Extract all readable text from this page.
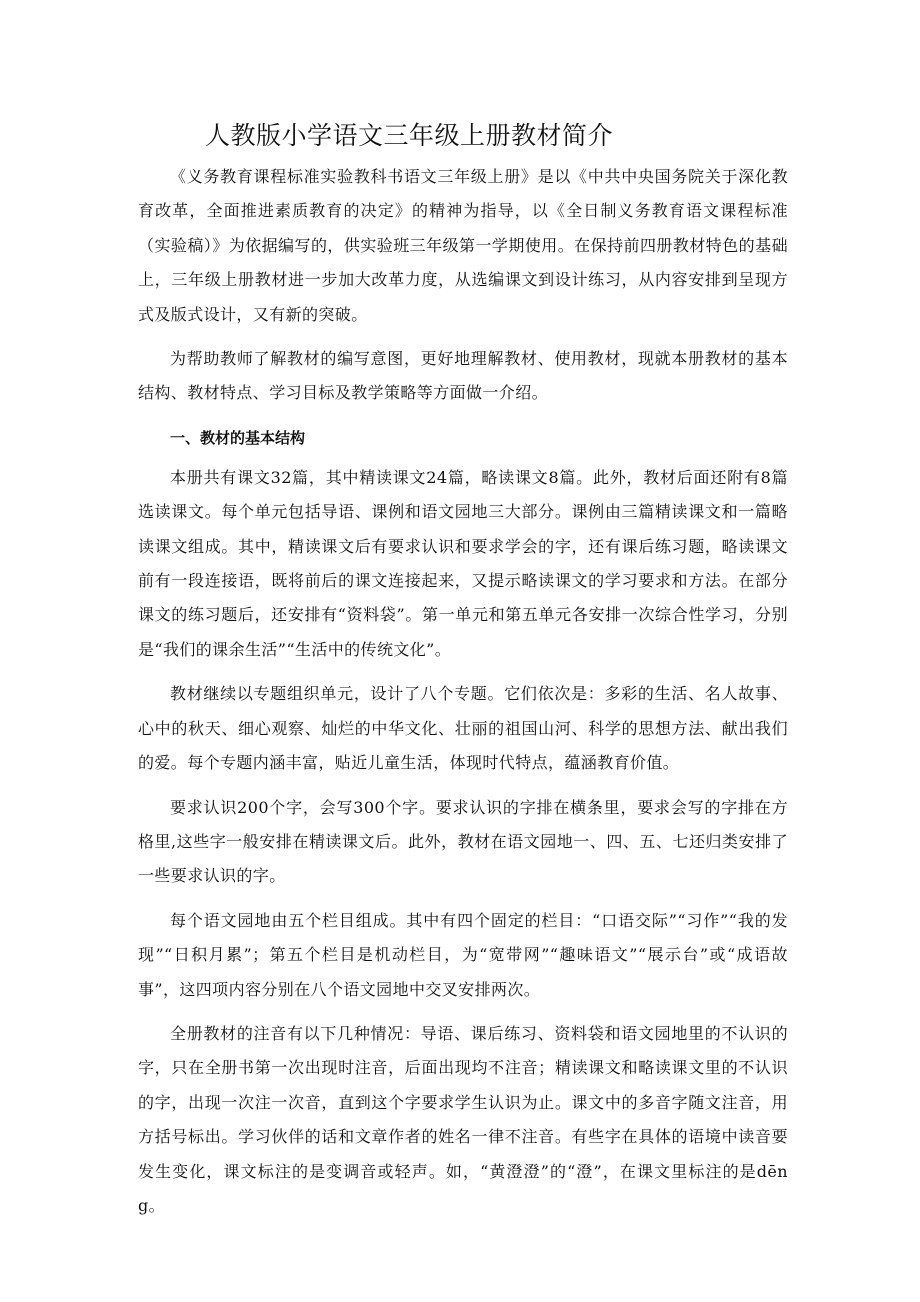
人教版小学语文三年级上册教材简介

《义务教育课程标准实验教科书语文三年级上册》是以《中共中央国务院关于深化教育改革，全面推进素质教育的决定》的精神为指导，以《全日制义务教育语文课程标准（实验稿）》为依据编写的，供实验班三年级第一学期使用。在保持前四册教材特色的基础上，三年级上册教材进一步加大改革力度，从选编课文到设计练习，从内容安排到呈现方式及版式设计，又有新的突破。

为帮助教师了解教材的编写意图，更好地理解教材、使用教材，现就本册教材的基本结构、教材特点、学习目标及教学策略等方面做一介绍。

一、教材的基本结构

本册共有课文32篇，其中精读课文24篇，略读课文8篇。此外，教材后面还附有8篇选读课文。每个单元包括导语、课例和语文园地三大部分。课例由三篇精读课文和一篇略读课文组成。其中，精读课文后有要求认识和要求学会的字，还有课后练习题，略读课文前有一段连接语，既将前后的课文连接起来，又提示略读课文的学习要求和方法。在部分课文的练习题后，还安排有“资料袋”。第一单元和第五单元各安排一次综合性学习，分别是“我们的课余生活”“生活中的传统文化”。

教材继续以专题组织单元，设计了八个专题。它们依次是：多彩的生活、名人故事、心中的秋天、细心观察、灿烂的中华文化、壮丽的祖国山河、科学的思想方法、献出我们的爱。每个专题内涵丰富，贴近儿童生活，体现时代特点，蕴涵教育价值。

要求认识200个字，会写300个字。要求认识的字排在横条里，要求会写的字排在方格里,这些字一般安排在精读课文后。此外，教材在语文园地一、四、五、七还归类安排了一些要求认识的字。

每个语文园地由五个栏目组成。其中有四个固定的栏目：“口语交际”“习作”“我的发现”“日积月累”；第五个栏目是机动栏目，为“宽带网”“趣味语文”“展示台”或“成语故事”，这四项内容分别在八个语文园地中交叉安排两次。

全册教材的注音有以下几种情况：导语、课后练习、资料袋和语文园地里的不认识的字，只在全册书第一次出现时注音，后面出现均不注音；精读课文和略读课文里的不认识的字，出现一次注一次音，直到这个字要求学生认识为止。课文中的多音字随文注音，用方括号标出。学习伙伴的话和文章作者的姓名一律不注音。有些字在具体的语境中读音要发生变化，课文标注的是变调音或轻声。如，“黄澄澄”的“澄”，在课文里标注的是dēng。
